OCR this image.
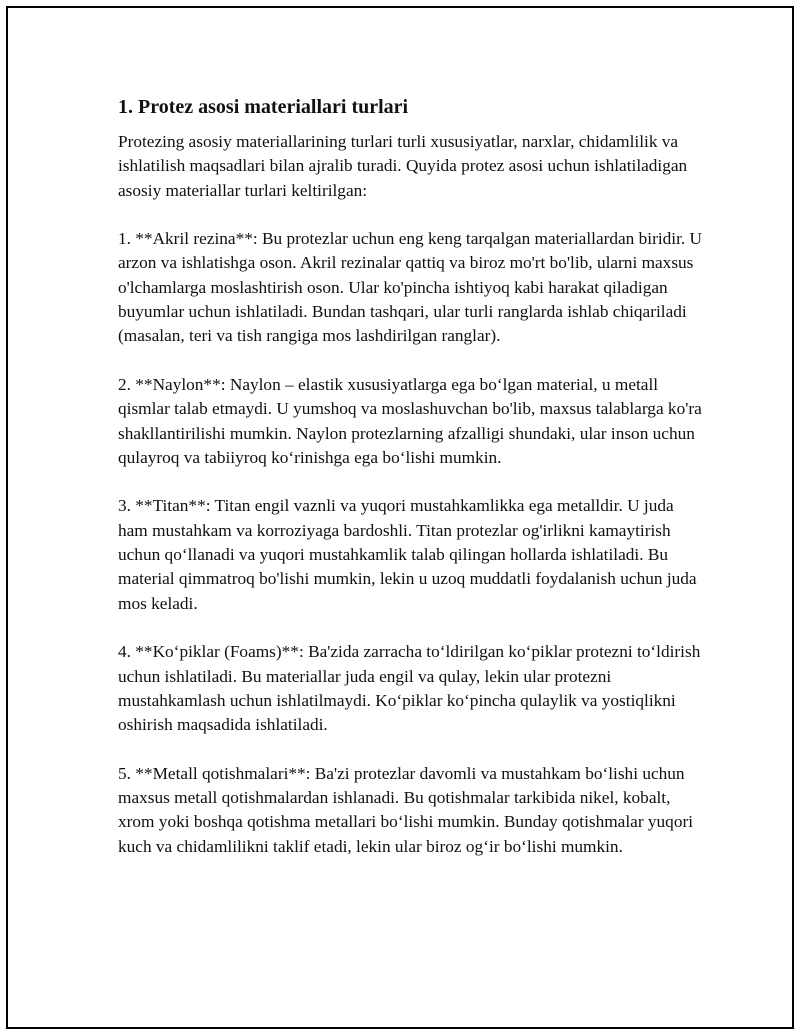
1. Protez asosi materiallari turlari

Protezing asosiy materiallarining turlari turli xususiyatlar, narxlar, chidamlilik va ishlatilish maqsadlari bilan ajralib turadi. Quyida protez asosi uchun ishlatiladigan asosiy materiallar turlari keltirilgan:

1. **Akril rezina**: Bu protezlar uchun eng keng tarqalgan materiallardan biridir. U arzon va ishlatishga oson. Akril rezinalar qattiq va biroz mo'rt bo'lib, ularni maxsus o'lchamlarga moslashtirish oson. Ular ko'pincha ishtiyoq kabi harakat qiladigan buyumlar uchun ishlatiladi. Bundan tashqari, ular turli ranglarda ishlab chiqariladi (masalan, teri va tish rangiga mos lashdirilgan ranglar).

2. **Naylon**: Naylon – elastik xususiyatlarga ega bo‘lgan material, u metall qismlar talab etmaydi. U yumshoq va moslashuvchan bo'lib, maxsus talablarga ko'ra shakllantirilishi mumkin. Naylon protezlarning afzalligi shundaki, ular inson uchun qulayroq va tabiiyroq ko‘rinishga ega bo‘lishi mumkin.

3. **Titan**: Titan engil vaznli va yuqori mustahkamlikka ega metalldir. U juda ham mustahkam va korroziyaga bardoshli. Titan protezlar og'irlikni kamaytirish uchun qo‘llanadi va yuqori mustahkamlik talab qilingan hollarda ishlatiladi. Bu material qimmatroq bo'lishi mumkin, lekin u uzoq muddatli foydalanish uchun juda mos keladi.

4. **Ko‘piklar (Foams)**: Ba'zida zarracha to‘ldirilgan ko‘piklar protezni to‘ldirish uchun ishlatiladi. Bu materiallar juda engil va qulay, lekin ular protezni mustahkamlash uchun ishlatilmaydi. Ko‘piklar ko‘pincha qulaylik va yostiqlikni oshirish maqsadida ishlatiladi.

5. **Metall qotishmalari**: Ba'zi protezlar davomli va mustahkam bo‘lishi uchun maxsus metall qotishmalardan ishlanadi. Bu qotishmalar tarkibida nikel, kobalt, xrom yoki boshqa qotishma metallari bo‘lishi mumkin. Bunday qotishmalar yuqori kuch va chidamlilikni taklif etadi, lekin ular biroz og‘ir bo‘lishi mumkin.
